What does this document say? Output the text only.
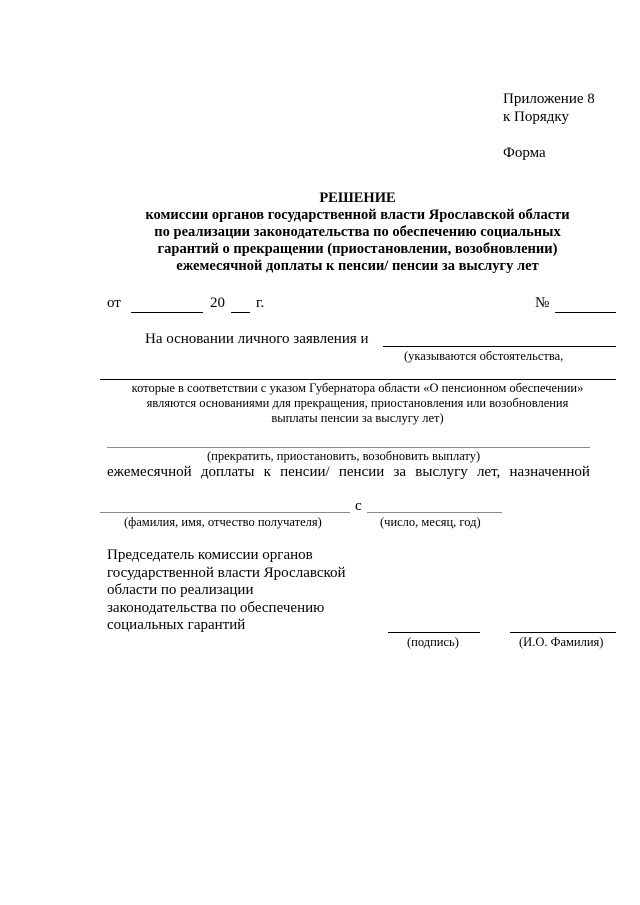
Приложение 8
к Порядку
Форма
РЕШЕНИЕ
комиссии органов государственной власти Ярославской области
по реализации законодательства по обеспечению социальных
гарантий о прекращении (приостановлении, возобновлении)
ежемесячной доплаты к пенсии/ пенсии за выслугу лет
от	20 г.	№
На основании личного заявления и
(указываются обстоятельства,
которые в соответствии с указом Губернатора области «О пенсионном обеспечении»
являются основаниями для прекращения, приостановления или возобновления
выплаты пенсии за выслугу лет)
(прекратить, приостановить, возобновить выплату)
ежемесячной доплаты к пенсии/ пенсии за выслугу лет, назначенной
с
(фамилия, имя, отчество получателя)	(число, месяц, год)
Председатель комиссии органов
государственной власти Ярославской
области по реализации
законодательства по обеспечению
социальных гарантий
(подпись)	(И.О. Фамилия)
